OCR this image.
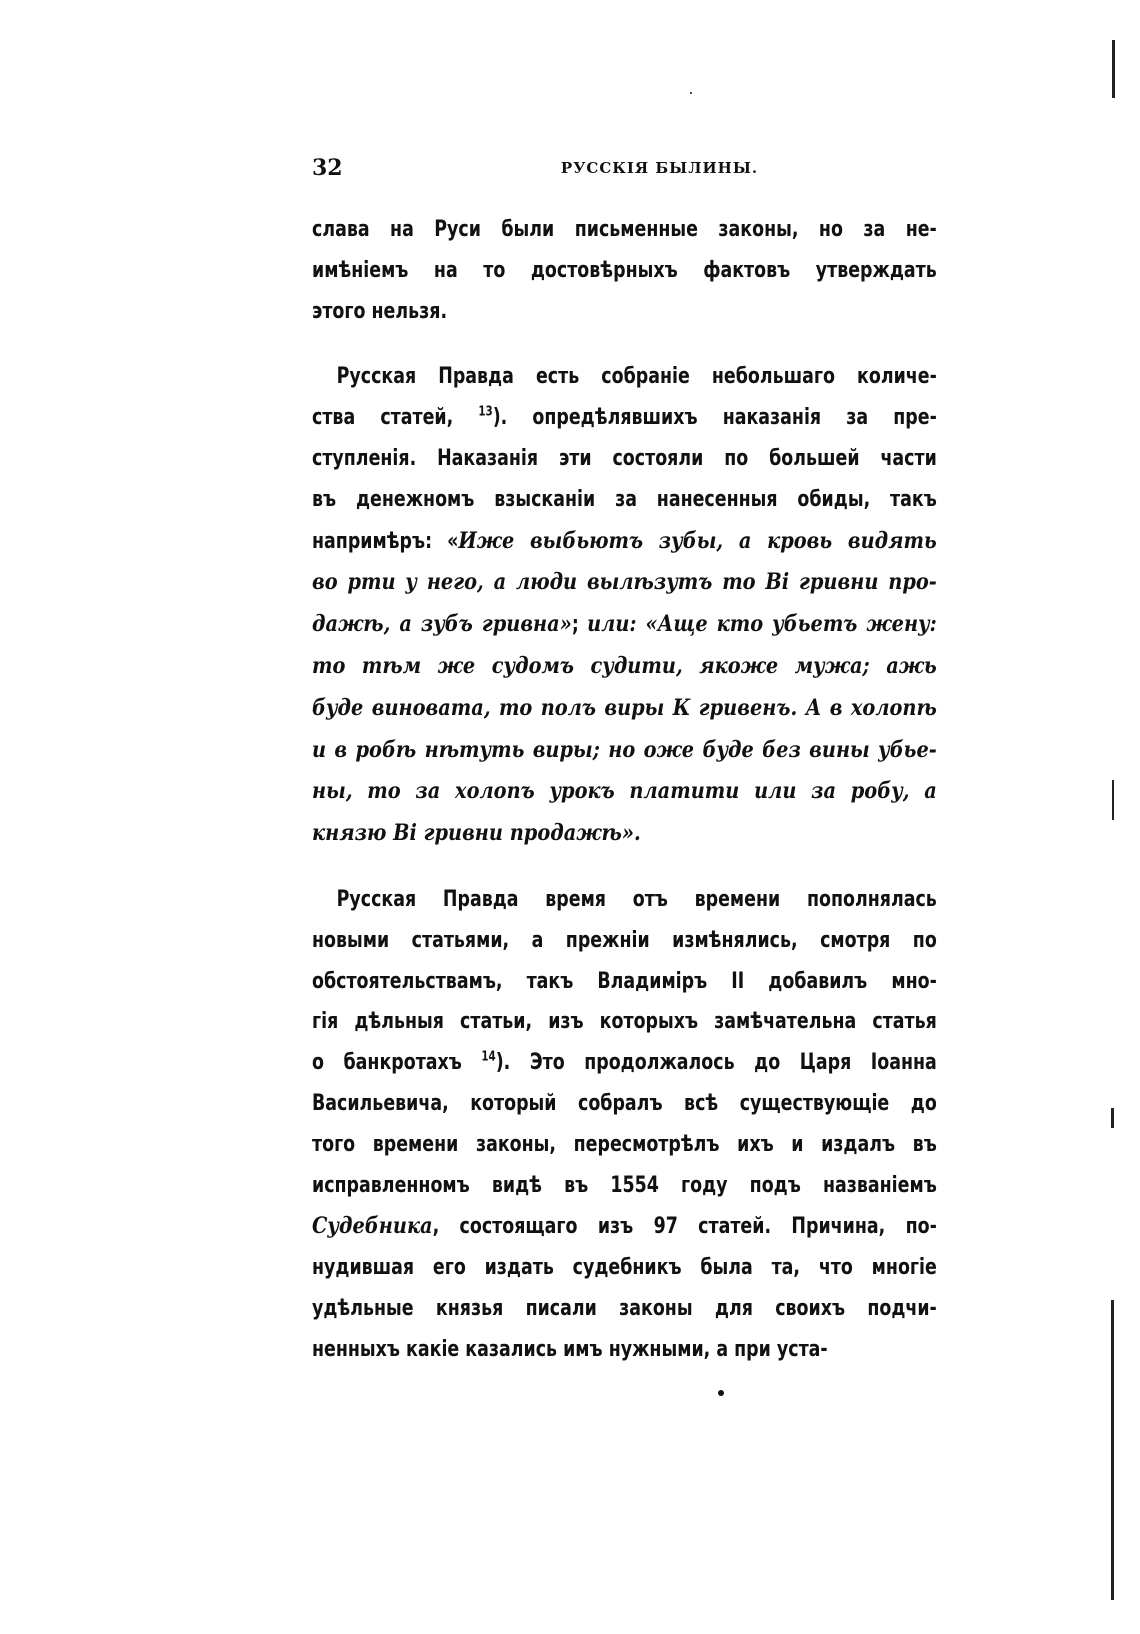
32	РУССКІЯ БЫЛИНЫ.
слава на Руси были письменные законы, но за не-
имѣніемъ на то достовѣрныхъ фактовъ утверждать
этого нельзя.
Русская Правда есть собраніе небольшаго количе-
ства статей, $^{13}$). опредѣлявшихъ наказанія за пре-
ступленія. Наказанія эти состояли по большей части
въ денежномъ взысканіи за нанесенныя обиды, такъ
напримѣръ: «Иже выбьютъ зубы, а кровь видять
во рти у него, а люди вылѣзутъ то Ві гривни про-
дажѣ, а зубъ гривна»; или: «Аще кто убьетъ жену:
то тѣм же судомъ судити, якоже мужа; ажь
буде виновата, то полъ виры К гривенъ. А в холопѣ
и в робѣ нѣтуть виры; но оже буде без вины убье-
ны, то за холопъ урокъ платити или за робу, а
князю Ві гривни продажѣ».
Русская Правда время отъ времени пополнялась
новыми статьями, а прежніи измѣнялись, смотря по
обстоятельствамъ, такъ Владиміръ II добавилъ мно-
гія дѣльныя статьи, изъ которыхъ замѣчательна статья
о банкротахъ $^{14}$). Это продолжалось до Царя Іоанна
Васильевича, который собралъ всѣ существующіе до
того времени законы, пересмотрѣлъ ихъ и издалъ въ
исправленномъ видѣ въ 1554 году подъ названіемъ
Судебника, состоящаго изъ 97 статей. Причина, по-
нудившая его издать судебникъ была та, что многіе
удѣльные князья писали законы для своихъ подчи-
ненныхъ какіе казались имъ нужными, а при уста-
